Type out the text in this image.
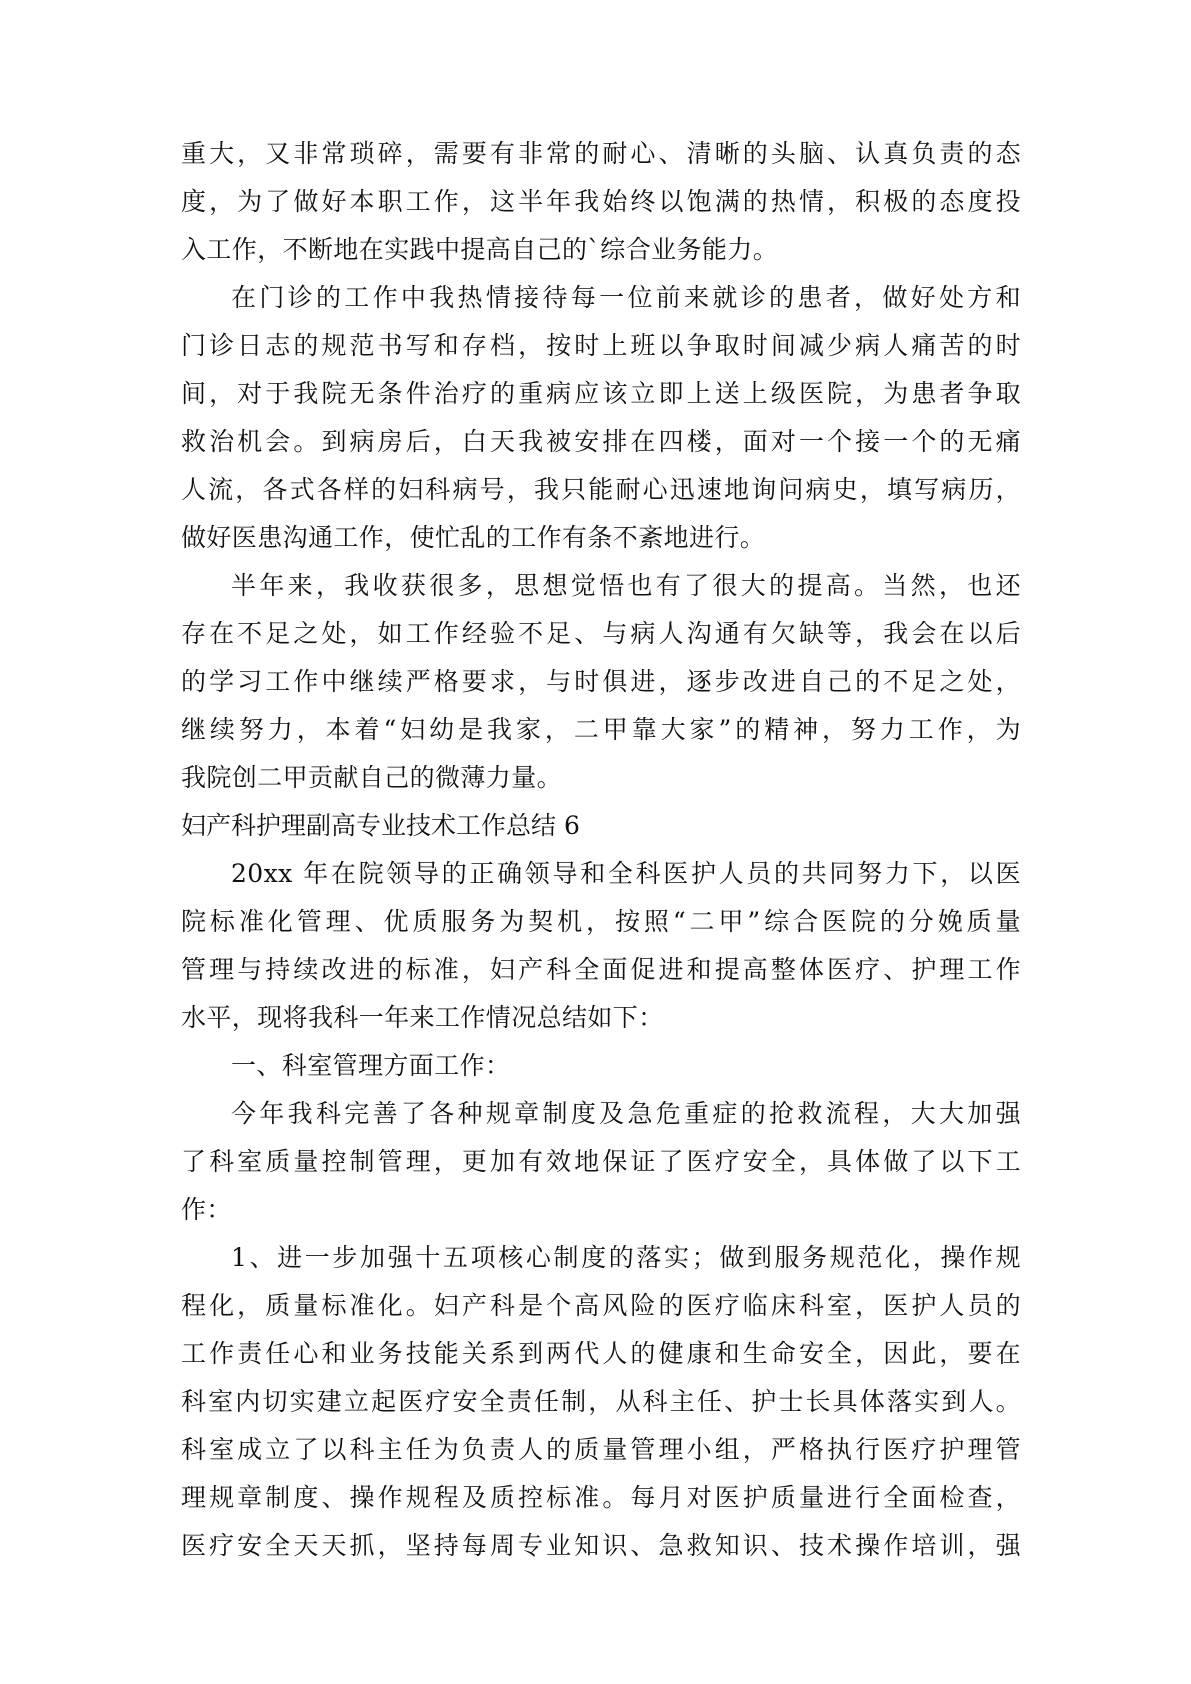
重大，又非常琐碎，需要有非常的耐心、清晰的头脑、认真负责的态
度，为了做好本职工作，这半年我始终以饱满的热情，积极的态度投
入工作，不断地在实践中提高自己的`综合业务能力。
在门诊的工作中我热情接待每一位前来就诊的患者，做好处方和
门诊日志的规范书写和存档，按时上班以争取时间减少病人痛苦的时
间，对于我院无条件治疗的重病应该立即上送上级医院，为患者争取
救治机会。到病房后，白天我被安排在四楼，面对一个接一个的无痛
人流，各式各样的妇科病号，我只能耐心迅速地询问病史，填写病历，
做好医患沟通工作，使忙乱的工作有条不紊地进行。
半年来，我收获很多，思想觉悟也有了很大的提高。当然，也还
存在不足之处，如工作经验不足、与病人沟通有欠缺等，我会在以后
的学习工作中继续严格要求，与时俱进，逐步改进自己的不足之处，
继续努力，本着“妇幼是我家，二甲靠大家”的精神，努力工作，为
我院创二甲贡献自己的微薄力量。
妇产科护理副高专业技术工作总结 6
20xx 年在院领导的正确领导和全科医护人员的共同努力下，以医
院标准化管理、优质服务为契机，按照“二甲”综合医院的分娩质量
管理与持续改进的标准，妇产科全面促进和提高整体医疗、护理工作
水平，现将我科一年来工作情况总结如下：
一、科室管理方面工作：
今年我科完善了各种规章制度及急危重症的抢救流程，大大加强
了科室质量控制管理，更加有效地保证了医疗安全，具体做了以下工
作：
1、进一步加强十五项核心制度的落实；做到服务规范化，操作规
程化，质量标准化。妇产科是个高风险的医疗临床科室，医护人员的
工作责任心和业务技能关系到两代人的健康和生命安全，因此，要在
科室内切实建立起医疗安全责任制，从科主任、护士长具体落实到人。
科室成立了以科主任为负责人的质量管理小组，严格执行医疗护理管
理规章制度、操作规程及质控标准。每月对医护质量进行全面检查，
医疗安全天天抓，坚持每周专业知识、急救知识、技术操作培训，强
